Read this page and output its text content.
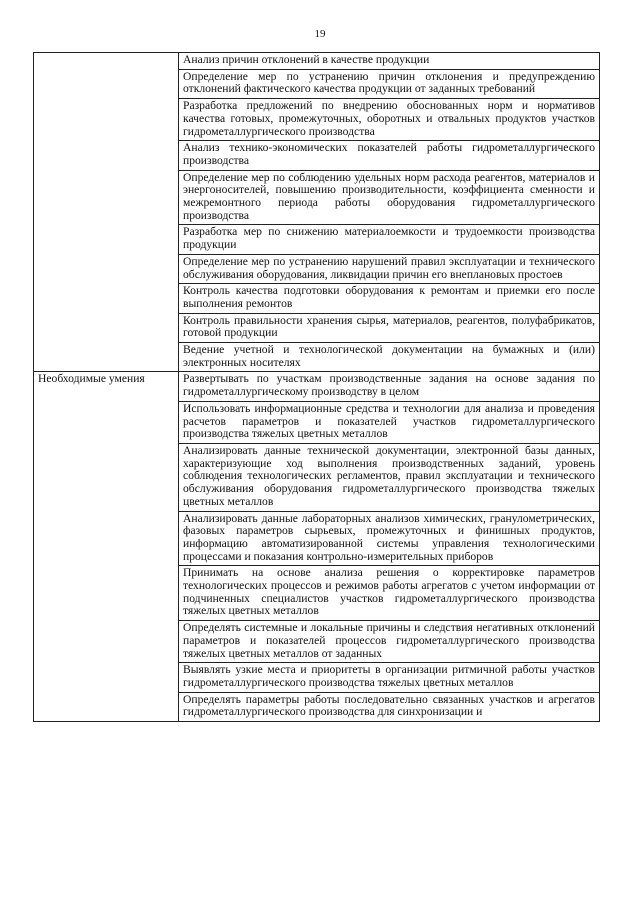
19
	Анализ причин отклонений в качестве продукции
	Определение мер по устранению причин отклонения и предупреждению отклонений фактического качества продукции от заданных требований
	Разработка предложений по внедрению обоснованных норм и нормативов качества готовых, промежуточных, оборотных и отвальных продуктов участков гидрометаллургического производства
	Анализ технико-экономических показателей работы гидрометаллургического производства
	Определение мер по соблюдению удельных норм расхода реагентов, материалов и энергоносителей, повышению производительности, коэффициента сменности и межремонтного периода работы оборудования гидрометаллургического производства
	Разработка мер по снижению материалоемкости и трудоемкости производства продукции
	Определение мер по устранению нарушений правил эксплуатации и технического обслуживания оборудования, ликвидации причин его внеплановых простоев
	Контроль качества подготовки оборудования к ремонтам и приемки его после выполнения ремонтов
	Контроль правильности хранения сырья, материалов, реагентов, полуфабрикатов, готовой продукции
	Ведение учетной и технологической документации на бумажных и (или) электронных носителях
Необходимые умения	Развертывать по участкам производственные задания на основе задания по гидрометаллургическому производству в целом
	Использовать информационные средства и технологии для анализа и проведения расчетов параметров и показателей участков гидрометаллургического производства тяжелых цветных металлов
	Анализировать данные технической документации, электронной базы данных, характеризующие ход выполнения производственных заданий, уровень соблюдения технологических регламентов, правил эксплуатации и технического обслуживания оборудования гидрометаллургического производства тяжелых цветных металлов
	Анализировать данные лабораторных анализов химических, гранулометрических, фазовых параметров сырьевых, промежуточных и финишных продуктов, информацию автоматизированной системы управления технологическими процессами и показания контрольно-измерительных приборов
	Принимать на основе анализа решения о корректировке параметров технологических процессов и режимов работы агрегатов с учетом информации от подчиненных специалистов участков гидрометаллургического производства тяжелых цветных металлов
	Определять системные и локальные причины и следствия негативных отклонений параметров и показателей процессов гидрометаллургического производства тяжелых цветных металлов от заданных
	Выявлять узкие места и приоритеты в организации ритмичной работы участков гидрометаллургического производства тяжелых цветных металлов
	Определять параметры работы последовательно связанных участков и агрегатов гидрометаллургического производства для синхронизации и
